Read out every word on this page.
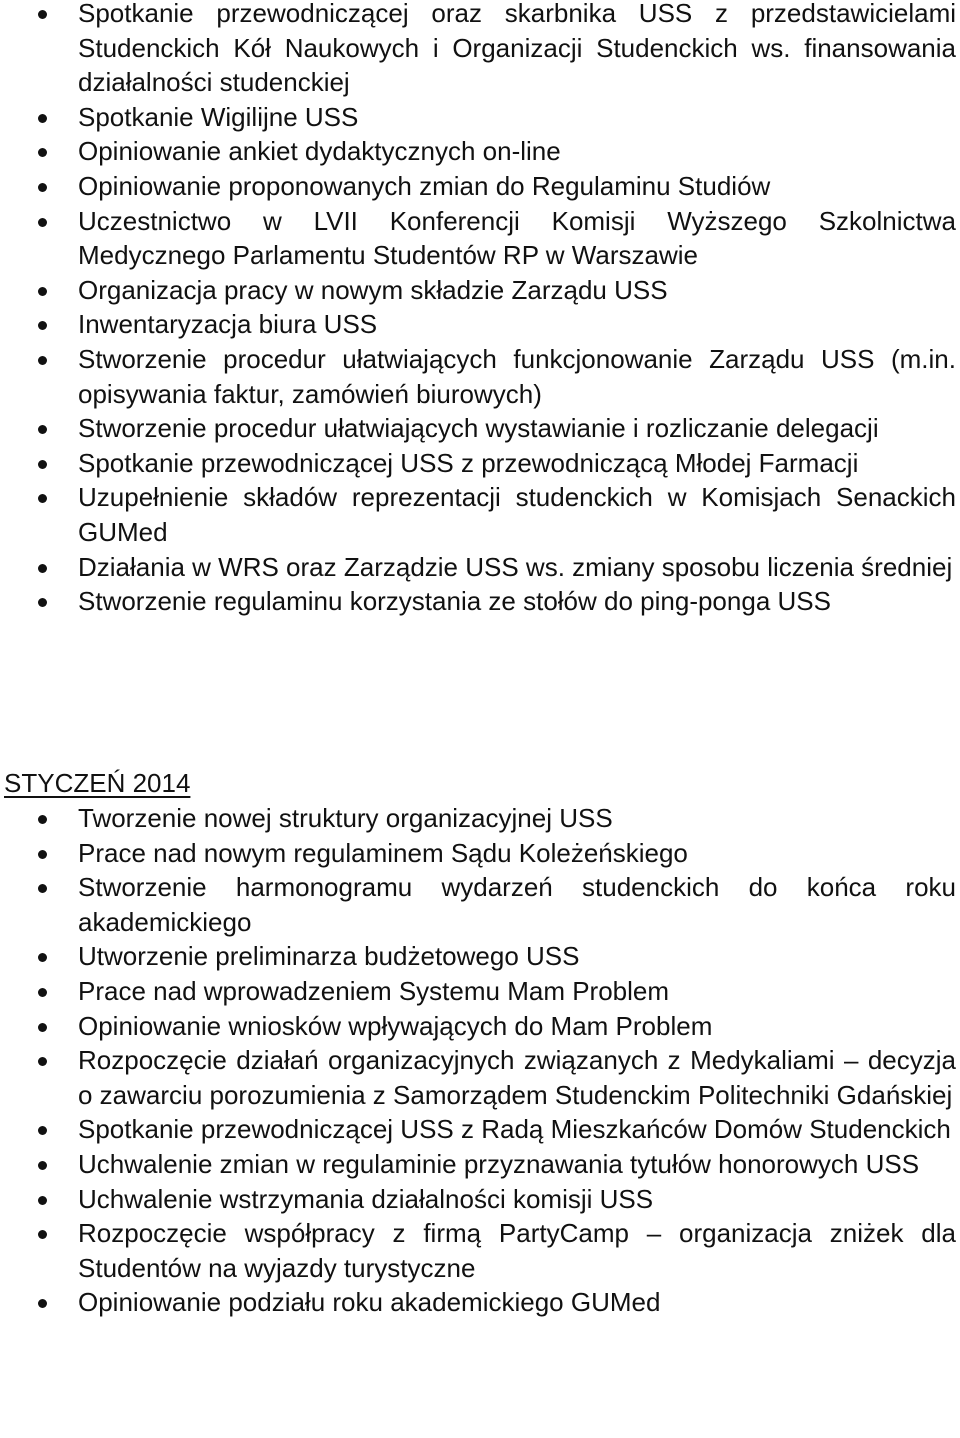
Spotkanie przewodniczącej oraz skarbnika USS z przedstawicielami Studenckich Kół Naukowych i Organizacji Studenckich ws. finansowania działalności studenckiej
Spotkanie Wigilijne USS
Opiniowanie ankiet dydaktycznych on-line
Opiniowanie proponowanych zmian do Regulaminu Studiów
Uczestnictwo w LVII Konferencji Komisji Wyższego Szkolnictwa Medycznego Parlamentu Studentów RP w Warszawie
Organizacja pracy w nowym składzie Zarządu USS
Inwentaryzacja biura USS
Stworzenie procedur ułatwiających funkcjonowanie Zarządu USS (m.in. opisywania faktur, zamówień biurowych)
Stworzenie procedur ułatwiających wystawianie i rozliczanie delegacji
Spotkanie przewodniczącej USS z przewodniczącą Młodej Farmacji
Uzupełnienie składów reprezentacji studenckich w Komisjach Senackich GUMed
Działania w WRS oraz Zarządzie USS ws. zmiany sposobu liczenia średniej
Stworzenie regulaminu korzystania ze stołów do ping-ponga USS
STYCZEŃ 2014
Tworzenie nowej struktury organizacyjnej USS
Prace nad nowym regulaminem Sądu Koleżeńskiego
Stworzenie harmonogramu wydarzeń studenckich do końca roku akademickiego
Utworzenie preliminarza budżetowego USS
Prace nad wprowadzeniem Systemu Mam Problem
Opiniowanie wniosków wpływających do Mam Problem
Rozpoczęcie działań organizacyjnych związanych z Medykaliami – decyzja o zawarciu porozumienia z Samorządem Studenckim Politechniki Gdańskiej
Spotkanie przewodniczącej USS z Radą Mieszkańców Domów Studenckich
Uchwalenie zmian w regulaminie przyznawania tytułów honorowych USS
Uchwalenie wstrzymania działalności komisji USS
Rozpoczęcie współpracy z firmą PartyCamp – organizacja zniżek dla Studentów na wyjazdy turystyczne
Opiniowanie podziału roku akademickiego GUMed
